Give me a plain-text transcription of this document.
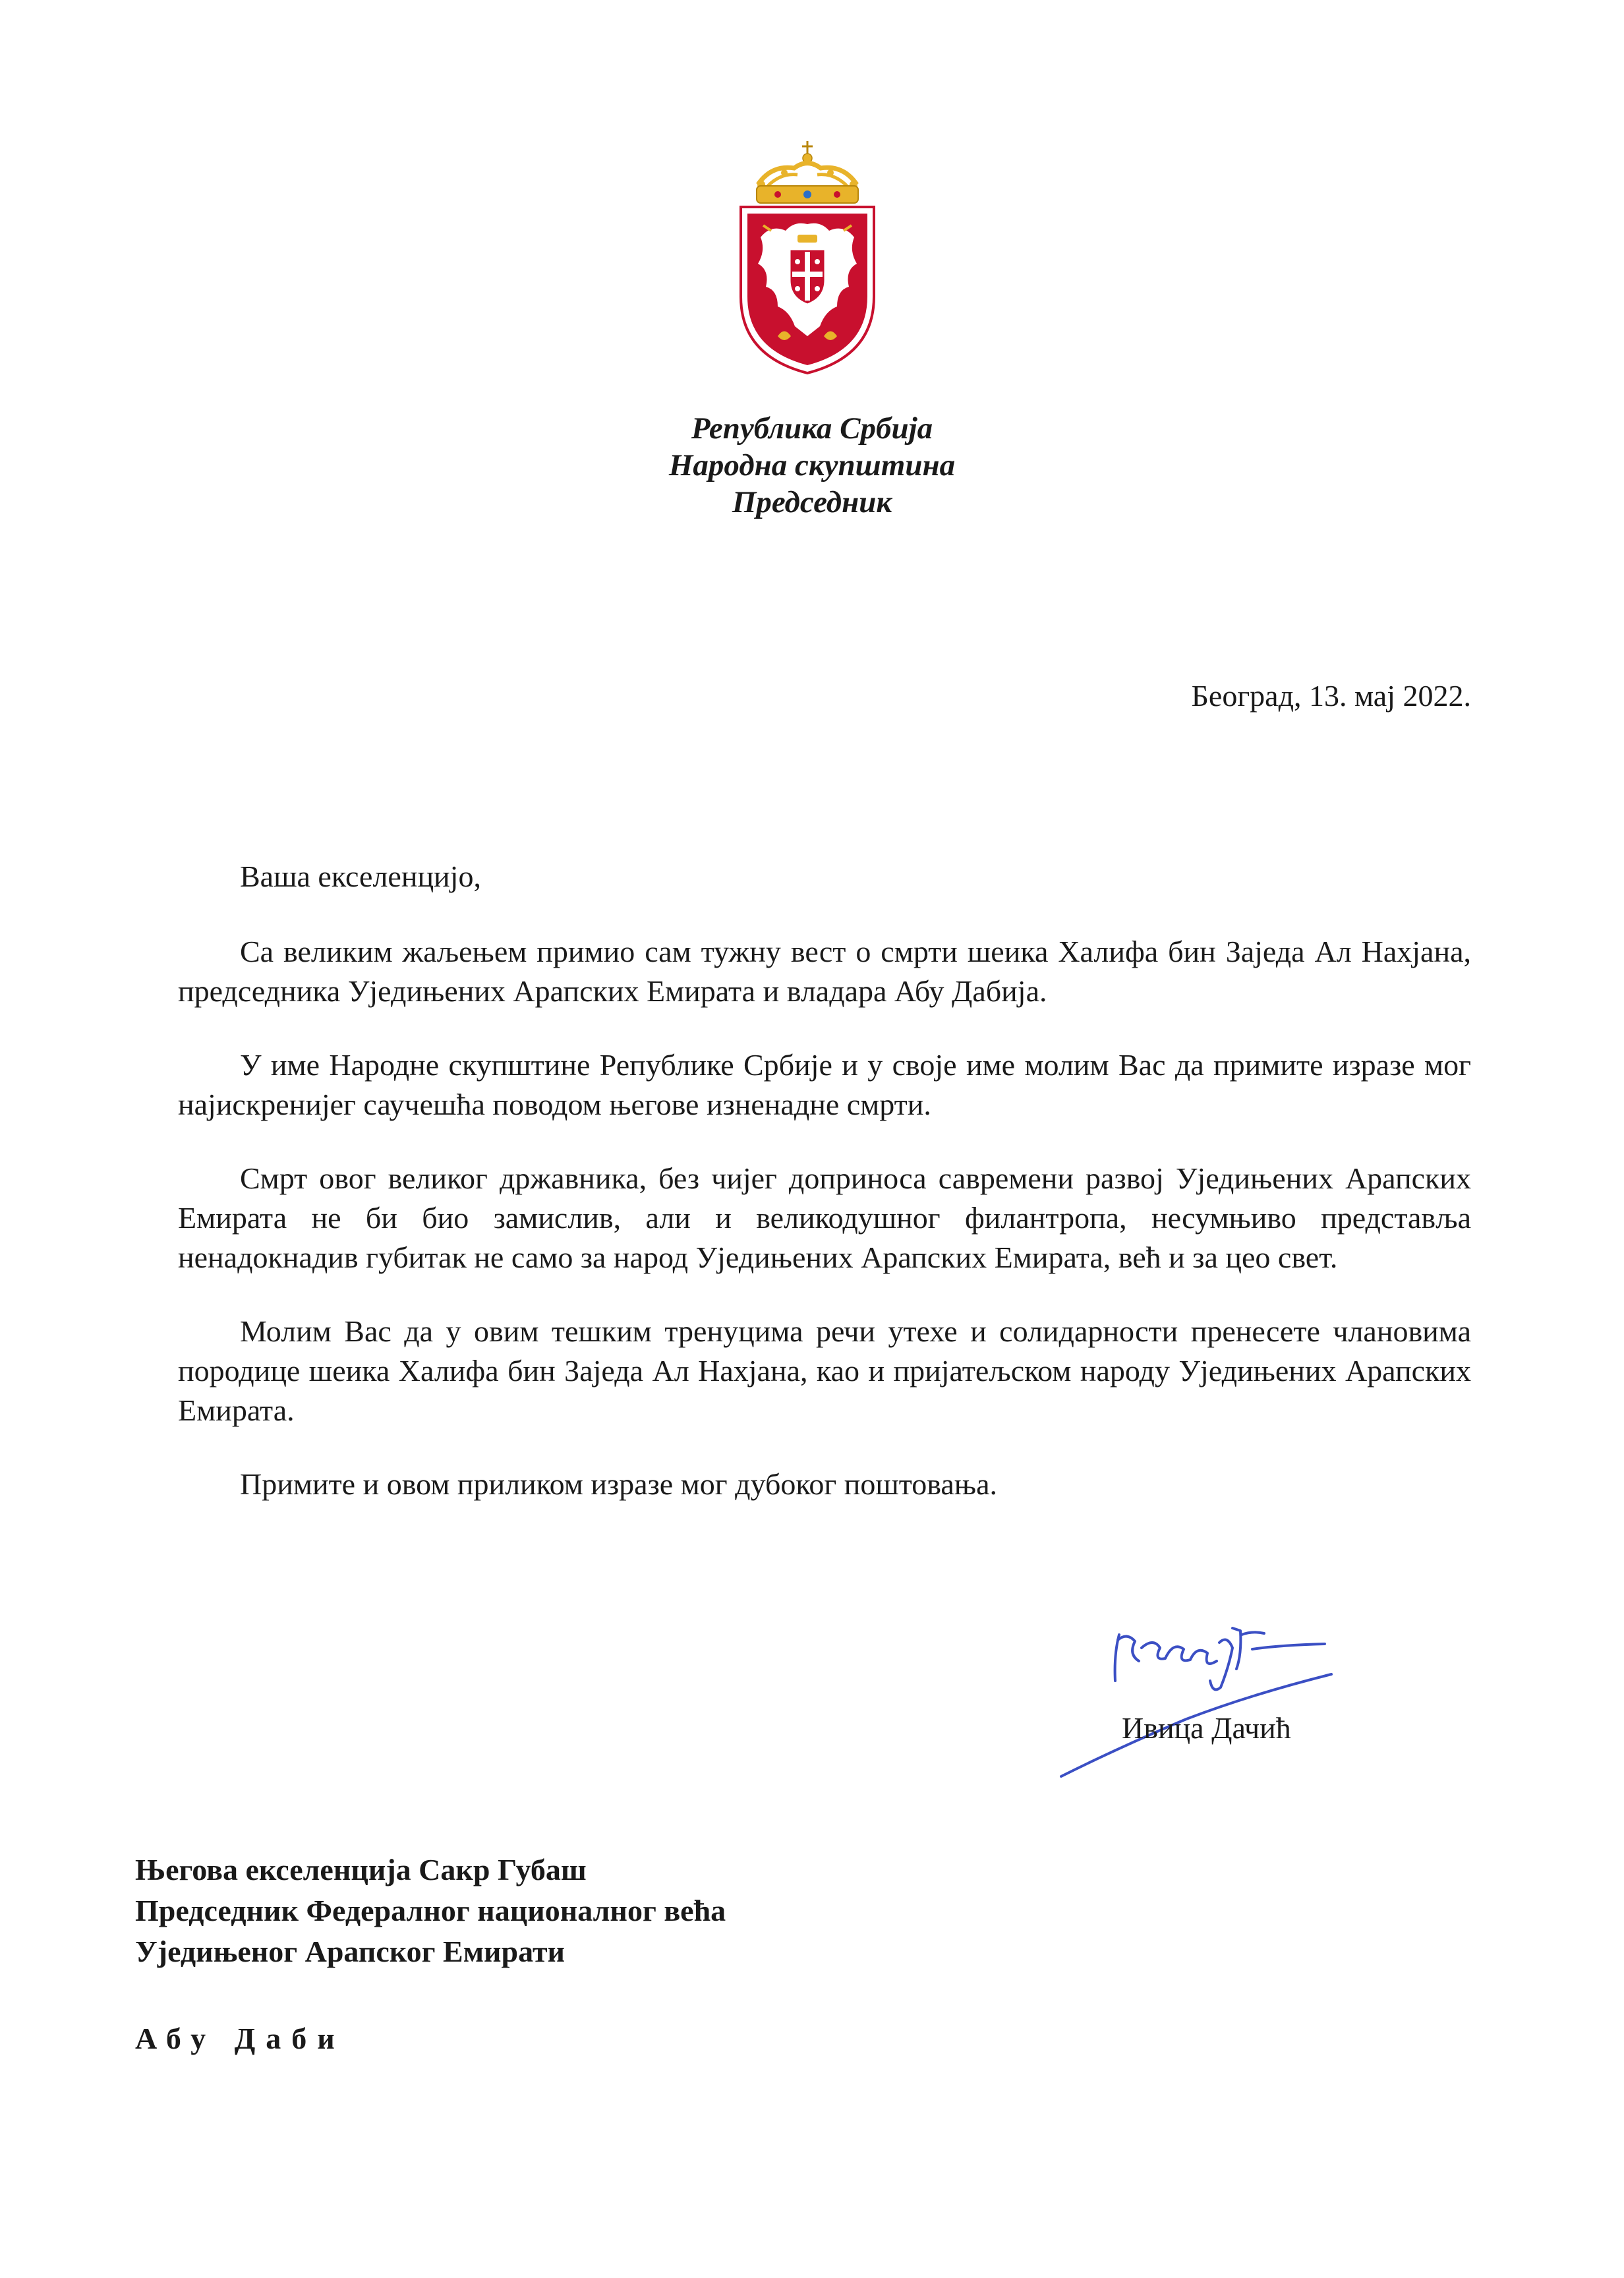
Република Србија
Народна скупштина
Председник
Београд, 13. мај 2022.

Ваша екселенцијо,

Са великим жаљењем примио сам тужну вест о смрти шеика Халифа бин Заједа Ал Нахјана, председника Уједињених Арапских Емирата и владара Абу Дабија.

У име Народне скупштине Републике Србије и у своје име молим Вас да примите изразе мог најискренијег саучешћа поводом његове изненадне смрти.

Смрт овог великог државника, без чијег доприноса савремени развој Уједињених Арапских Емирата не би био замислив, али и великодушног филантропа, несумњиво представља ненадокнадив губитак не само за народ Уједињених Арапских Емирата, већ и за цео свет.

Молим Вас да у овим тешким тренуцима речи утехе и солидарности пренесете члановима породице шеика Халифа бин Заједа Ал Нахјана, као и пријатељском народу Уједињених Арапских Емирата.

Примите и овом приликом изразе мог дубоког поштовања.

Ивица Дачић
Његова екселенција Сакр Губаш
Председник Федералног националног већа
Уједињеног Арапског Емирати
Абу Даби
